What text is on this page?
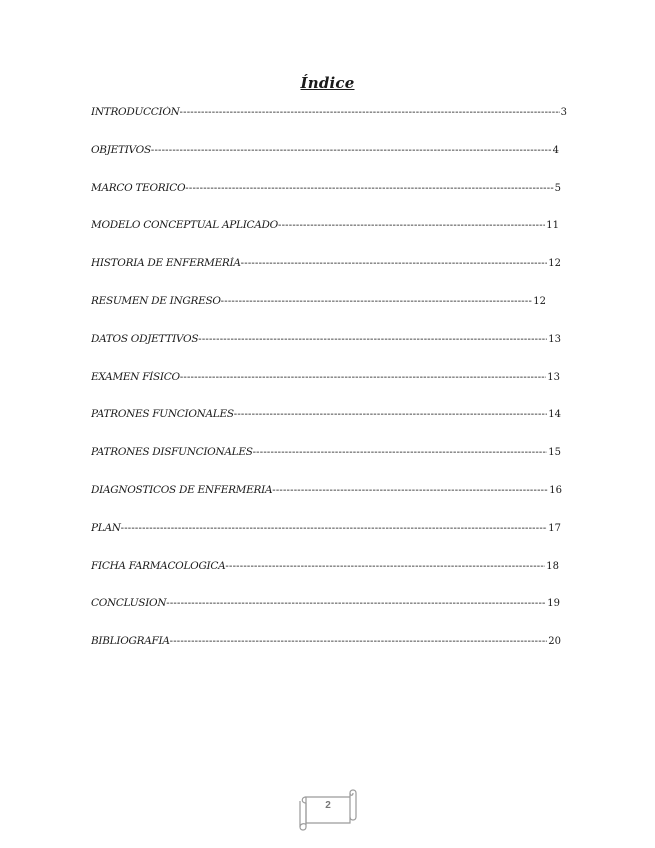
Índice
INTRODUCCIÓN -----	3
OBJETIVOS -----	4
MARCO TEORICO -----	5
MODELO CONCEPTUAL APLICADO -----	11
HISTORIA DE ENFERMERÍA -----	12
RESUMEN DE INGRESO -----	12
DATOS ODJETTIVOS -----	13
EXAMEN FÍSICO -----	13
PATRONES FUNCIONALES -----	14
PATRONES DISFUNCIONALES -----	15
DIAGNOSTICOS DE ENFERMERIA -----	16
PLAN -----	17
FICHA FARMACOLOGICA -----	18
CONCLUSION -----	19
BIBLIOGRAFIA -----	20
2
